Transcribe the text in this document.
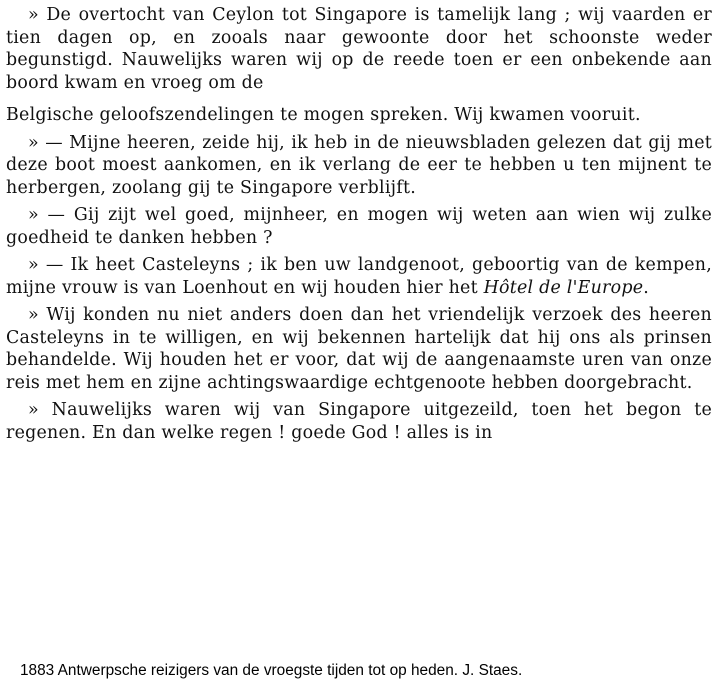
» De overtocht van Ceylon tot Singapore is tamelijk lang ; wij vaarden er tien dagen op, en zooals naar gewoonte door het schoonste weder begunstigd. Nauwelijks waren wij op de reede toen er een onbekende aan boord kwam en vroeg om de

Belgische geloofszendelingen te mogen spreken. Wij kwamen vooruit.

» — Mijne heeren, zeide hij, ik heb in de nieuwsbladen gelezen dat gij met deze boot moest aankomen, en ik verlang de eer te hebben u ten mijnent te herbergen, zoolang gij te Singapore verblijft.

» — Gij zijt wel goed, mijnheer, en mogen wij weten aan wien wij zulke goedheid te danken hebben ?

» — Ik heet Casteleyns ; ik ben uw landgenoot, geboortig van de kempen, mijne vrouw is van Loenhout en wij houden hier het Hôtel de l'Europe.

» Wij konden nu niet anders doen dan het vriendelijk verzoek des heeren Casteleyns in te willigen, en wij bekennen hartelijk dat hij ons als prinsen behandelde. Wij houden het er voor, dat wij de aangenaamste uren van onze reis met hem en zijne achtingswaardige echtgenoote hebben doorgebracht.

» Nauwelijks waren wij van Singapore uitgezeild, toen het begon te regenen. En dan welke regen ! goede God ! alles is in

1883 Antwerpsche reizigers van de vroegste tijden tot op heden. J. Staes.
